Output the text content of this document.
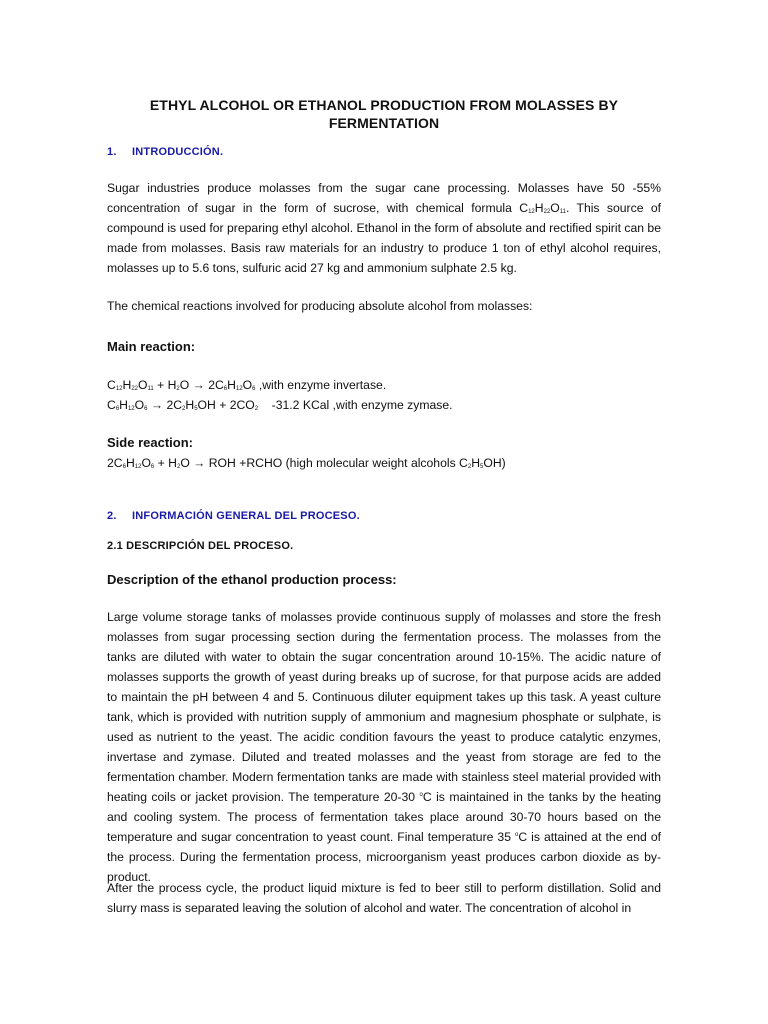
ETHYL ALCOHOL OR ETHANOL PRODUCTION FROM MOLASSES BY FERMENTATION
1. INTRODUCCIÓN.
Sugar industries produce molasses from the sugar cane processing. Molasses have 50 -55% concentration of sugar in the form of sucrose, with chemical formula $C_{12}H_{22}O_{11}$. This source of compound is used for preparing ethyl alcohol. Ethanol in the form of absolute and rectified spirit can be made from molasses. Basis raw materials for an industry to produce 1 ton of ethyl alcohol requires, molasses up to 5.6 tons, sulfuric acid 27 kg and ammonium sulphate 2.5 kg.
The chemical reactions involved for producing absolute alcohol from molasses:
Main reaction:
$C_{12}H_{22}O_{11} + H_2O \to 2C_6H_{12}O_6$ ,with enzyme invertase.
$C_6H_{12}O_6 \to 2C_2H_5OH + 2CO_2$ -31.2 KCal ,with enzyme zymase.
Side reaction:
$2C_6H_{12}O_6 + H_2O$ → ROH +RCHO (high molecular weight alcohols $C_2H_5OH$)
2. INFORMACIÓN GENERAL DEL PROCESO.
2.1 DESCRIPCIÓN DEL PROCESO.
Description of the ethanol production process:
Large volume storage tanks of molasses provide continuous supply of molasses and store the fresh molasses from sugar processing section during the fermentation process. The molasses from the tanks are diluted with water to obtain the sugar concentration around 10-15%. The acidic nature of molasses supports the growth of yeast during breaks up of sucrose, for that purpose acids are added to maintain the pH between 4 and 5. Continuous diluter equipment takes up this task. A yeast culture tank, which is provided with nutrition supply of ammonium and magnesium phosphate or sulphate, is used as nutrient to the yeast. The acidic condition favours the yeast to produce catalytic enzymes, invertase and zymase. Diluted and treated molasses and the yeast from storage are fed to the fermentation chamber. Modern fermentation tanks are made with stainless steel material provided with heating coils or jacket provision. The temperature 20-30 $^o$C is maintained in the tanks by the heating and cooling system. The process of fermentation takes place around 30-70 hours based on the temperature and sugar concentration to yeast count. Final temperature 35 $^o$C is attained at the end of the process. During the fermentation process, microorganism yeast produces carbon dioxide as by-product.
After the process cycle, the product liquid mixture is fed to beer still to perform distillation. Solid and slurry mass is separated leaving the solution of alcohol and water. The concentration of alcohol in
